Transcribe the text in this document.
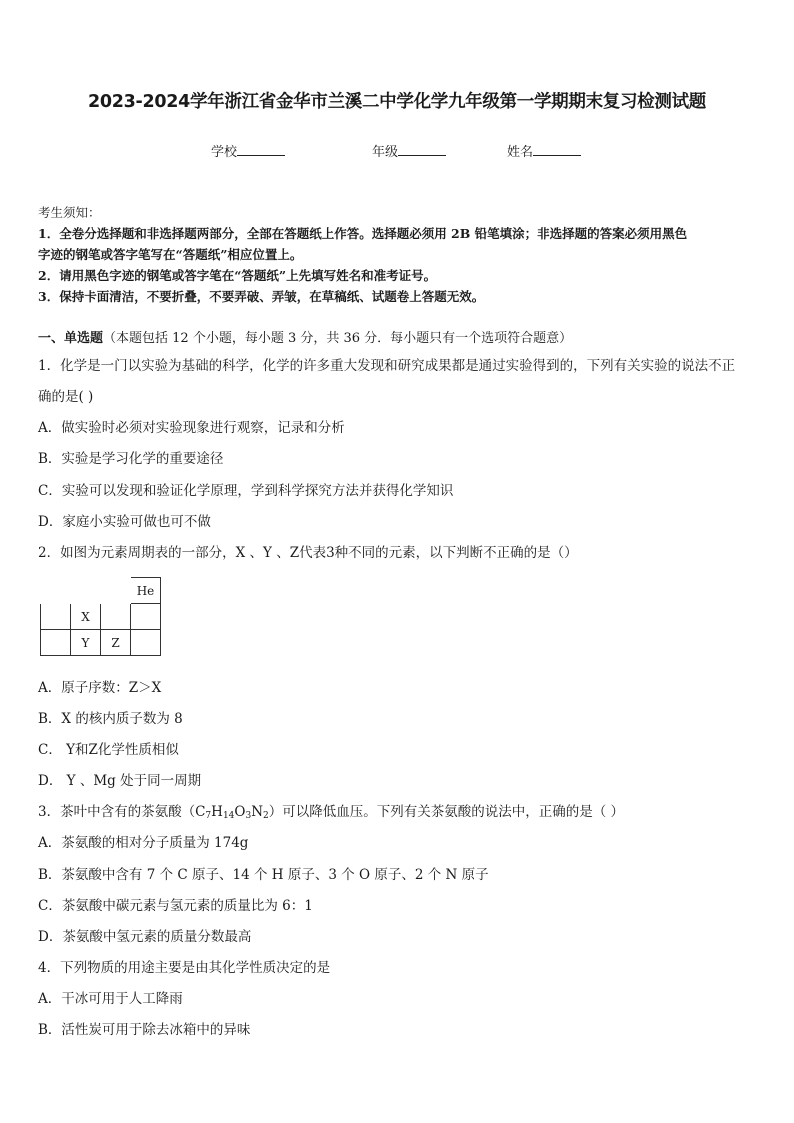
2023-2024学年浙江省金华市兰溪二中学化学九年级第一学期期末复习检测试题
学校	年级	姓名
考生须知：
1．全卷分选择题和非选择题两部分，全部在答题纸上作答。选择题必须用 2B 铅笔填涂；非选择题的答案必须用黑色
字迹的钢笔或答字笔写在“答题纸”相应位置上。
2．请用黑色字迹的钢笔或答字笔在“答题纸”上先填写姓名和准考证号。
3．保持卡面清洁，不要折叠，不要弄破、弄皱，在草稿纸、试题卷上答题无效。
一、单选题（本题包括 12 个小题，每小题 3 分，共 36 分．每小题只有一个选项符合题意）
1．化学是一门以实验为基础的科学，化学的许多重大发现和研究成果都是通过实验得到的，下列有关实验的说法不正
确的是( )
A．做实验时必须对实验现象进行观察，记录和分析
B．实验是学习化学的重要途径
C．实验可以发现和验证化学原理，学到科学探究方法并获得化学知识
D．家庭小实验可做也可不做
2．如图为元素周期表的一部分，X 、Y 、Z代表3种不同的元素，以下判断不正确的是（）
			He
	X		
	Y	Z	
A．原子序数：Z＞X
B．X 的核内质子数为 8
C． Y和Z化学性质相似
D． Y 、Mg 处于同一周期
3．茶叶中含有的茶氨酸$(C_7H_{14}O_3N_2)$可以降低血压。下列有关茶氨酸的说法中，正确的是（ ）
A．茶氨酸的相对分子质量为 174g
B．茶氨酸中含有 7 个 C 原子、14 个 H 原子、3 个 O 原子、2 个 N 原子
C．茶氨酸中碳元素与氢元素的质量比为 6：1
D．茶氨酸中氢元素的质量分数最高
4．下列物质的用途主要是由其化学性质决定的是
A．干冰可用于人工降雨
B．活性炭可用于除去冰箱中的异味
